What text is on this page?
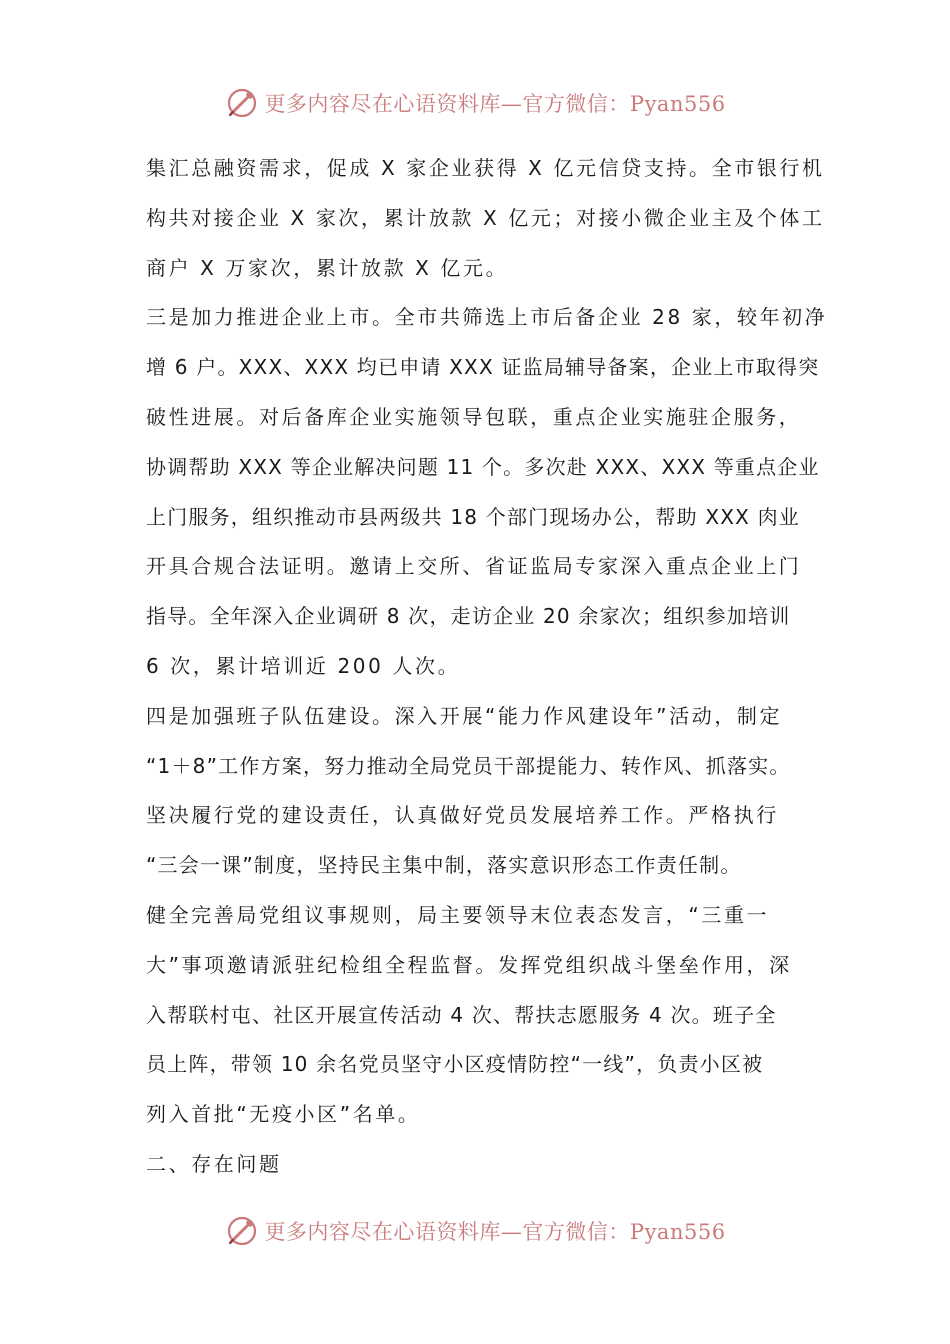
更多内容尽在心语资料库—官方微信：Pyan556
集汇总融资需求，促成 X 家企业获得 X 亿元信贷支持。全市银行机
构共对接企业 X 家次，累计放款 X 亿元；对接小微企业主及个体工
商户 X 万家次，累计放款 X 亿元。
三是加力推进企业上市。全市共筛选上市后备企业 28 家，较年初净
增 6 户。XXX、XXX 均已申请 XXX 证监局辅导备案，企业上市取得突
破性进展。对后备库企业实施领导包联，重点企业实施驻企服务，
协调帮助 XXX 等企业解决问题 11 个。多次赴 XXX、XXX 等重点企业
上门服务，组织推动市县两级共 18 个部门现场办公，帮助 XXX 肉业
开具合规合法证明。邀请上交所、省证监局专家深入重点企业上门
指导。全年深入企业调研 8 次，走访企业 20 余家次；组织参加培训
6 次，累计培训近 200 人次。
四是加强班子队伍建设。深入开展“能力作风建设年”活动，制定
“1＋8”工作方案，努力推动全局党员干部提能力、转作风、抓落实。
坚决履行党的建设责任，认真做好党员发展培养工作。严格执行
“三会一课”制度，坚持民主集中制，落实意识形态工作责任制。
健全完善局党组议事规则，局主要领导末位表态发言，“三重一
大”事项邀请派驻纪检组全程监督。发挥党组织战斗堡垒作用，深
入帮联村屯、社区开展宣传活动 4 次、帮扶志愿服务 4 次。班子全
员上阵，带领 10 余名党员坚守小区疫情防控“一线”，负责小区被
列入首批“无疫小区”名单。
二、存在问题
更多内容尽在心语资料库—官方微信：Pyan556
